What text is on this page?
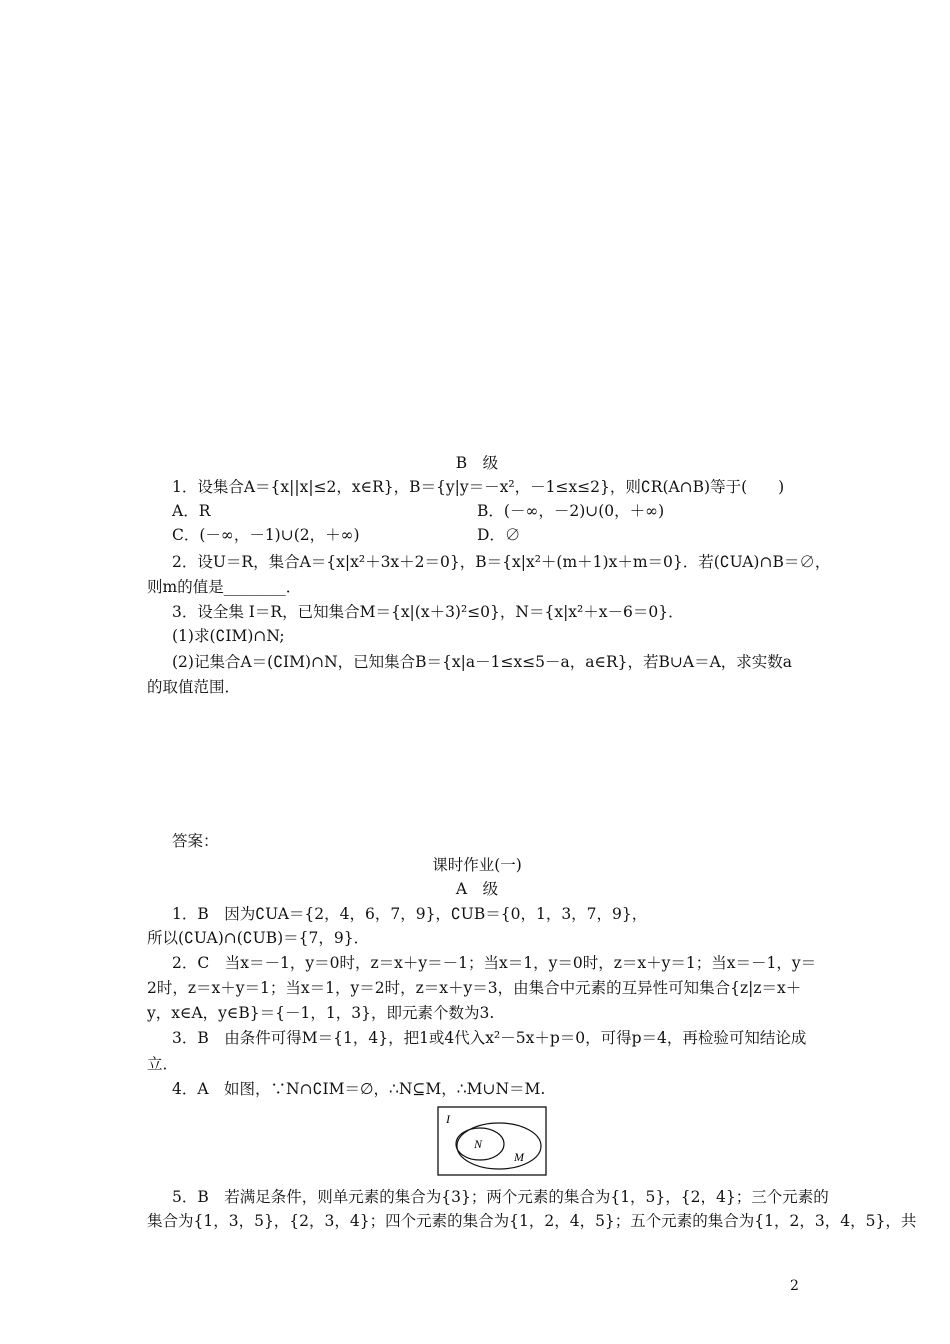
B　级
1．设集合A＝{x||x|≤2，x∈R}，B＝{y|y＝－x²，－1≤x≤2}，则∁R(A∩B)等于(　　)
A．R	B．(－∞，－2)∪(0，＋∞)
C．(－∞，－1)∪(2，＋∞)	D．∅
2．设U＝R，集合A＝{x|x²＋3x＋2＝0}，B＝{x|x²＋(m＋1)x＋m＝0}．若(∁UA)∩B＝∅，
则m的值是________．
3．设全集 I＝R，已知集合M＝{x|(x＋3)²≤0}，N＝{x|x²＋x－6＝0}．
(1)求(∁IM)∩N;
(2)记集合A＝(∁IM)∩N，已知集合B＝{x|a－1≤x≤5－a，a∈R}，若B∪A＝A，求实数a
的取值范围．
答案：
课时作业(一)
A　级
1．B　因为∁UA＝{2，4，6，7，9}，∁UB＝{0，1，3，7，9}，
所以(∁UA)∩(∁UB)＝{7，9}．
2．C　当x＝－1，y＝0时，z＝x＋y＝－1；当x＝1，y＝0时，z＝x＋y＝1；当x＝－1，y＝
2时，z＝x＋y＝1；当x＝1，y＝2时，z＝x＋y＝3，由集合中元素的互异性可知集合{z|z＝x＋
y，x∈A，y∈B}＝{－1，1，3}，即元素个数为3.
3．B　由条件可得M＝{1，4}，把1或4代入x²－5x＋p＝0，可得p＝4，再检验可知结论成
立．
4．A　如图，∵N∩∁IM＝∅，∴N⊆M，∴M∪N＝M.
I
N
M
5．B　若满足条件，则单元素的集合为{3}；两个元素的集合为{1，5}，{2，4}；三个元素的
集合为{1，3，5}，{2，3，4}；四个元素的集合为{1，2，4，5}；五个元素的集合为{1，2，3，4，5}，共
2
